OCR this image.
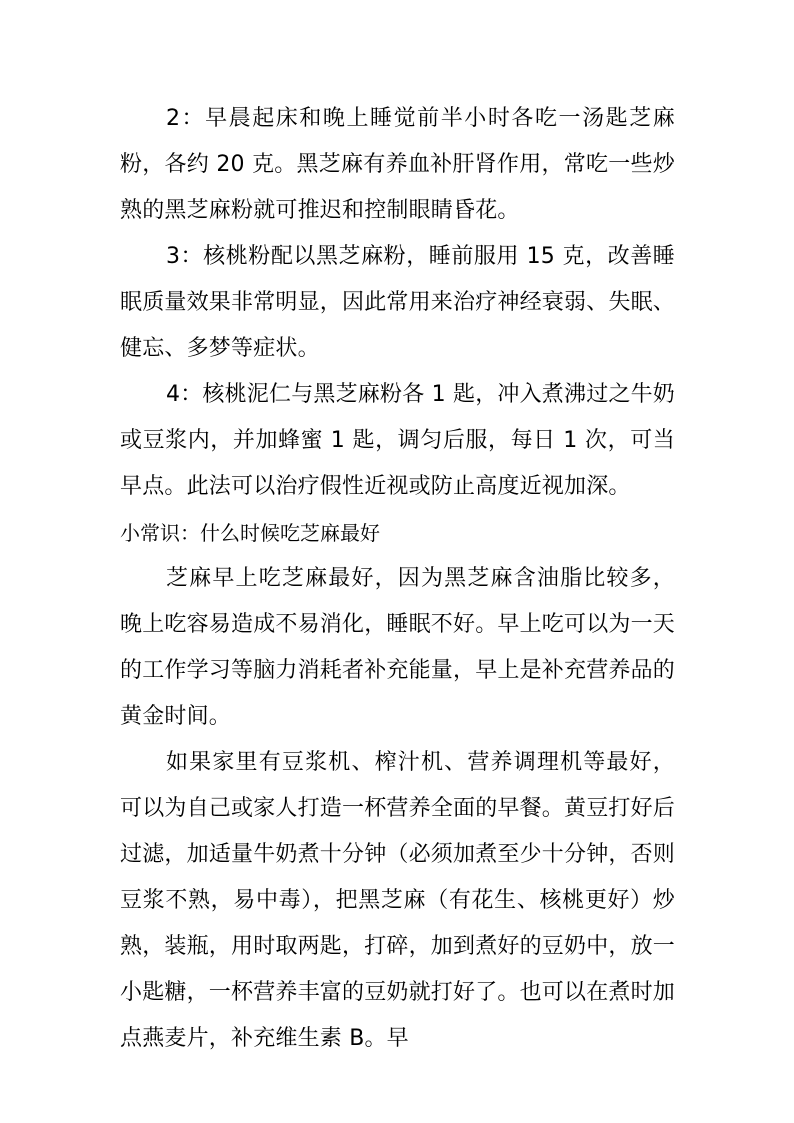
2：早晨起床和晚上睡觉前半小时各吃一汤匙芝麻粉，各约 20 克。黑芝麻有养血补肝肾作用，常吃一些炒熟的黑芝麻粉就可推迟和控制眼睛昏花。

3：核桃粉配以黑芝麻粉，睡前服用 15 克，改善睡眠质量效果非常明显，因此常用来治疗神经衰弱、失眠、健忘、多梦等症状。

4：核桃泥仁与黑芝麻粉各 1 匙，冲入煮沸过之牛奶或豆浆内，并加蜂蜜 1 匙，调匀后服，每日 1 次，可当早点。此法可以治疗假性近视或防止高度近视加深。

小常识：什么时候吃芝麻最好

芝麻早上吃芝麻最好，因为黑芝麻含油脂比较多，晚上吃容易造成不易消化，睡眠不好。早上吃可以为一天的工作学习等脑力消耗者补充能量，早上是补充营养品的黄金时间。

如果家里有豆浆机、榨汁机、营养调理机等最好，可以为自己或家人打造一杯营养全面的早餐。黄豆打好后过滤，加适量牛奶煮十分钟（必须加煮至少十分钟，否则豆浆不熟，易中毒），把黑芝麻（有花生、核桃更好）炒熟，装瓶，用时取两匙，打碎，加到煮好的豆奶中，放一小匙糖，一杯营养丰富的豆奶就打好了。也可以在煮时加点燕麦片，补充维生素 B。早
